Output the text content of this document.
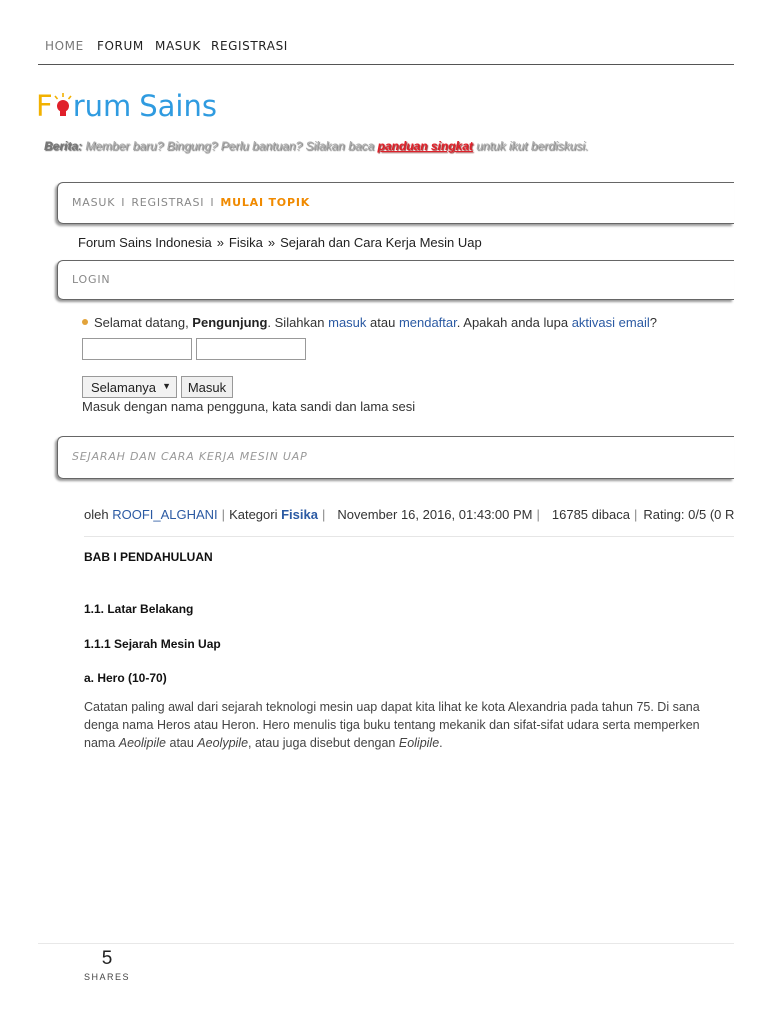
HOME FORUM MASUK REGISTRASI
F rum Sains
Berita: Member baru? Bingung? Perlu bantuan? Silakan baca panduan singkat untuk ikut berdiskusi.
MASUK I REGISTRASI I MULAI TOPIK
Forum Sains Indonesia » Fisika » Sejarah dan Cara Kerja Mesin Uap
LOGIN
Selamat datang, Pengunjung. Silahkan masuk atau mendaftar. Apakah anda lupa aktivasi email?
Selamanya ▼	Masuk
Masuk dengan nama pengguna, kata sandi dan lama sesi
SEJARAH DAN CARA KERJA MESIN UAP
oleh ROOFI_ALGHANI | Kategori Fisika | November 16, 2016, 01:43:00 PM | 16785 dibaca | Rating: 0/5 (0 R
BAB I PENDAHULUAN
1.1. Latar Belakang
1.1.1 Sejarah Mesin Uap
a. Hero (10-70)
Catatan paling awal dari sejarah teknologi mesin uap dapat kita lihat ke kota Alexandria pada tahun 75. Di sana
denga nama Heros atau Heron. Hero menulis tiga buku tentang mekanik dan sifat-sifat udara serta memperken
nama Aeolipile atau Aeolypile, atau juga disebut dengan Eolipile.
5
SHARES
